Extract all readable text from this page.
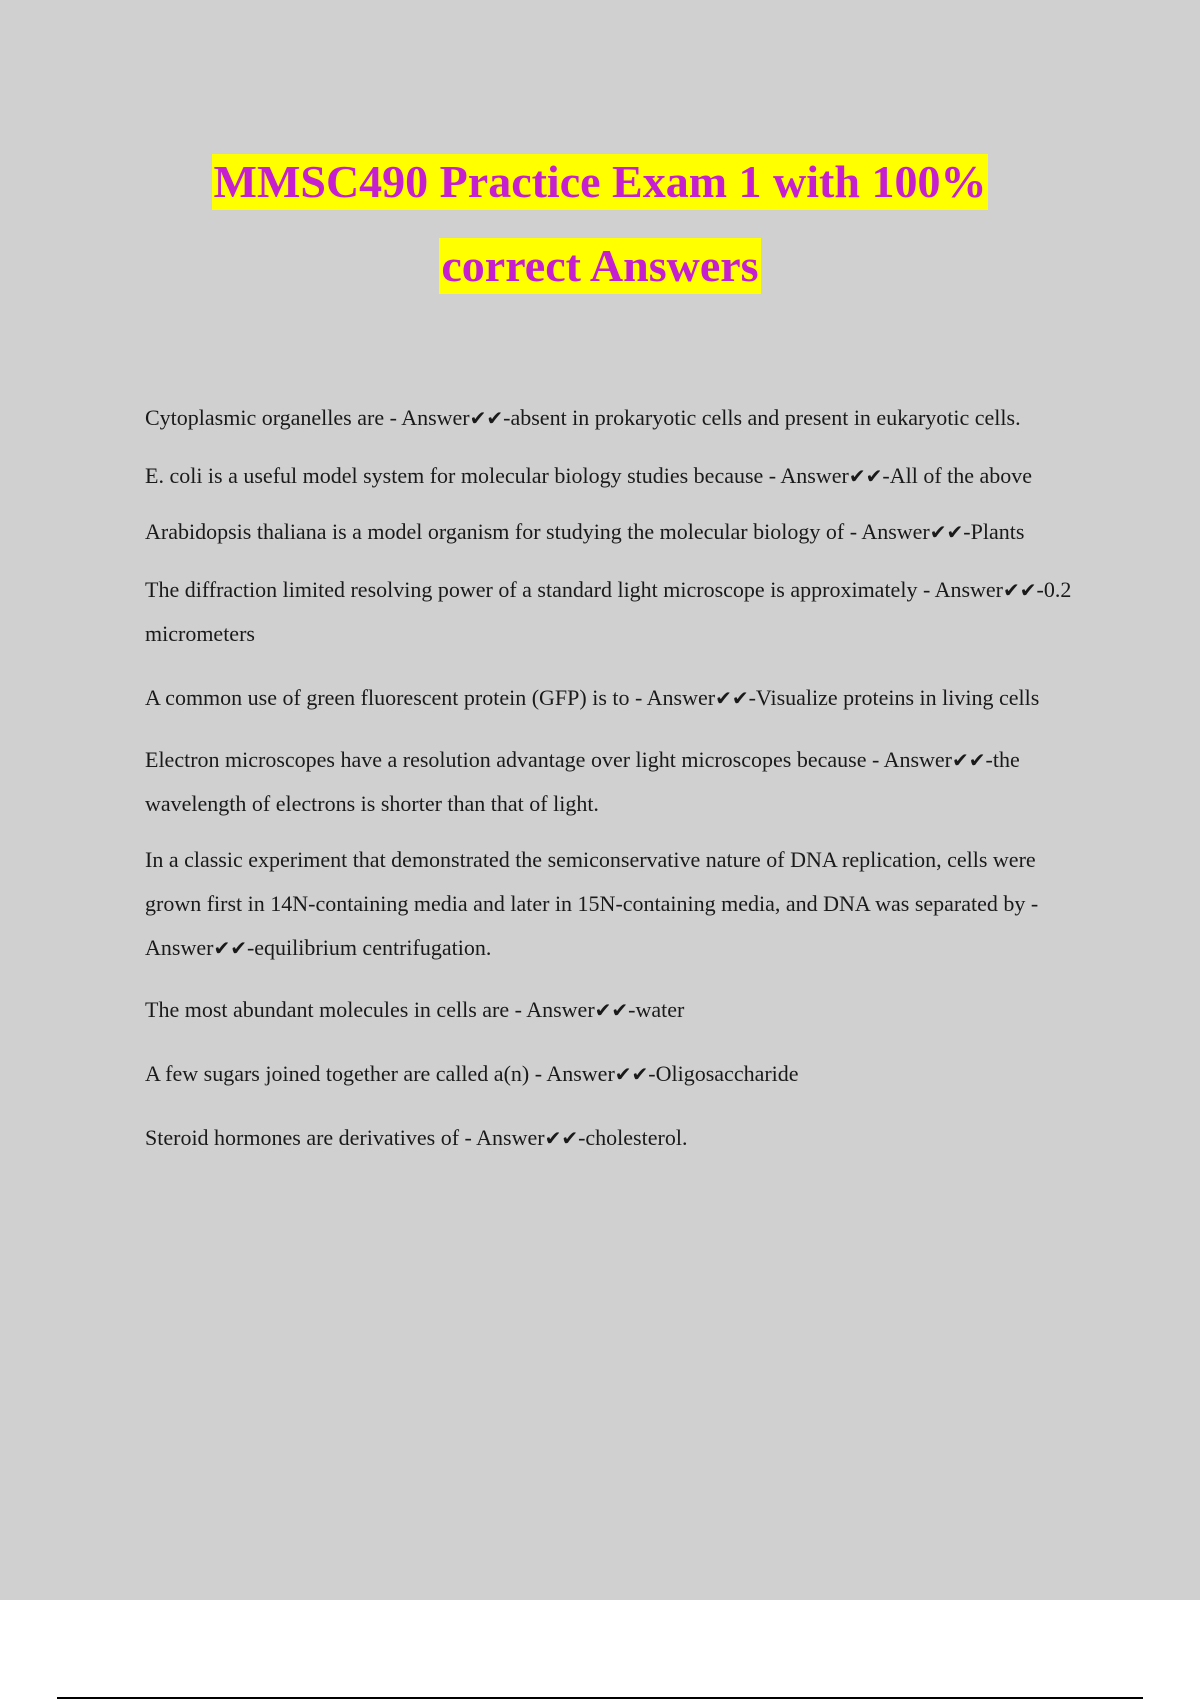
MMSC490 Practice Exam 1 with 100%
correct Answers

Cytoplasmic organelles are - Answer✔✔-absent in prokaryotic cells and present in eukaryotic cells.

E. coli is a useful model system for molecular biology studies because - Answer✔✔-All of the above

Arabidopsis thaliana is a model organism for studying the molecular biology of - Answer✔✔-Plants

The diffraction limited resolving power of a standard light microscope is approximately - Answer✔✔-0.2 micrometers

A common use of green fluorescent protein (GFP) is to - Answer✔✔-Visualize proteins in living cells

Electron microscopes have a resolution advantage over light microscopes because - Answer✔✔-the wavelength of electrons is shorter than that of light.

In a classic experiment that demonstrated the semiconservative nature of DNA replication, cells were grown first in 14N-containing media and later in 15N-containing media, and DNA was separated by - Answer✔✔-equilibrium centrifugation.

The most abundant molecules in cells are - Answer✔✔-water

A few sugars joined together are called a(n) - Answer✔✔-Oligosaccharide

Steroid hormones are derivatives of - Answer✔✔-cholesterol.
